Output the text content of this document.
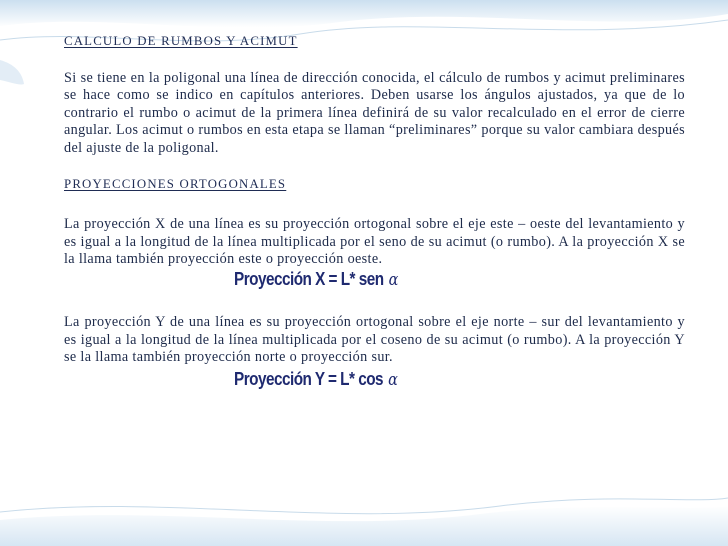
CALCULO DE RUMBOS Y ACIMUT

Si se tiene en la poligonal una línea de dirección conocida, el cálculo de rumbos y acimut preliminares se hace como se indico en capítulos anteriores. Deben usarse los ángulos ajustados, ya que de lo contrario el rumbo o acimut de la primera línea definirá de su valor recalculado en el error de cierre angular. Los acimut o rumbos en esta etapa se llaman “preliminares” porque su valor cambiara después del ajuste de la poligonal.

PROYECCIONES ORTOGONALES

La proyección X de una línea es su proyección ortogonal sobre el eje este – oeste del levantamiento y es igual a la longitud de la línea multiplicada por el seno de su acimut (o rumbo). A la proyección X se la llama también proyección este o proyección oeste.

Proyección X = L* sen α

La proyección Y de una línea es su proyección ortogonal sobre el eje norte – sur del levantamiento y es igual a la longitud de la línea multiplicada por el coseno de su acimut (o rumbo). A la proyección Y se la llama también proyección norte o proyección sur.

Proyección Y = L* cos α
